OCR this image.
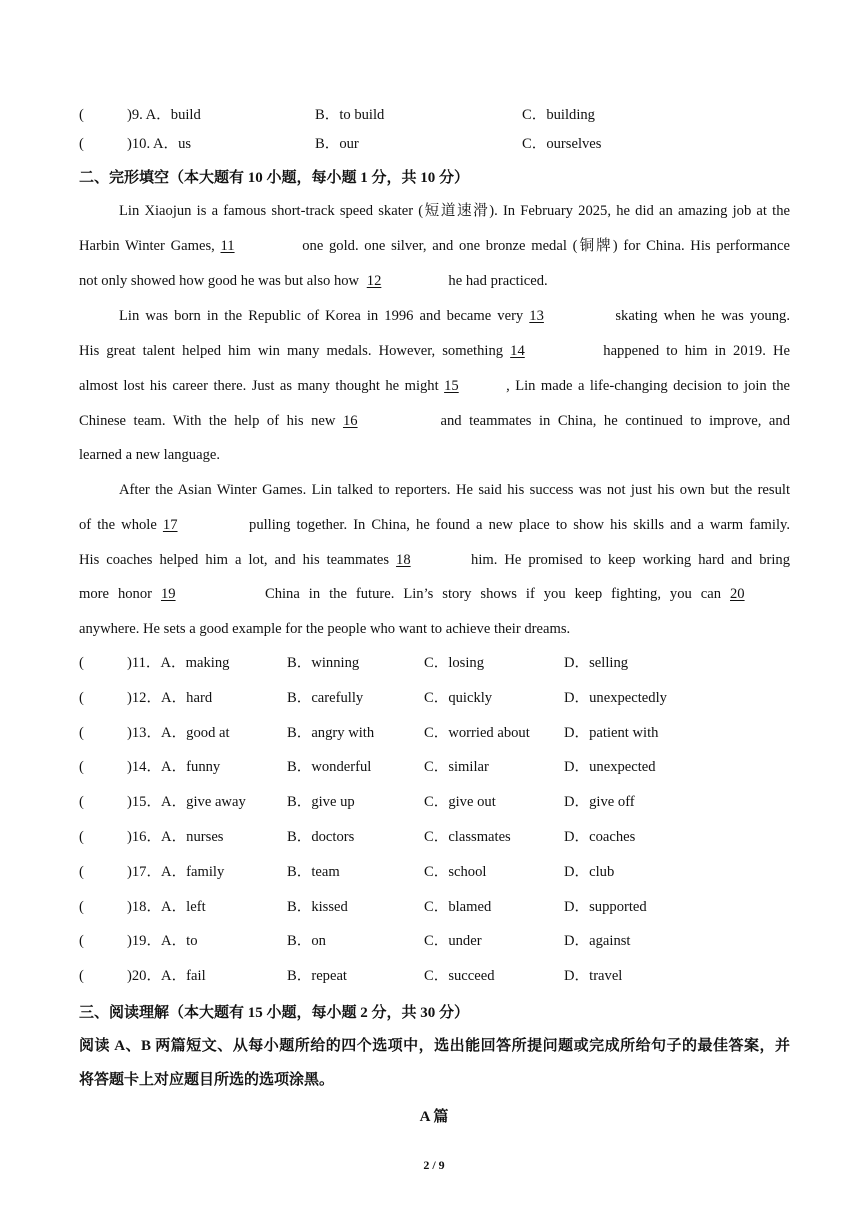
(	)9. A．build	B．to build	C．building
(	)10. A．us	B．our	C．ourselves
二、完形填空（本大题有 10 小题，每小题 1 分，共 10 分）
Lin Xiaojun is a famous short-track speed skater (短道速滑). In February 2025, he did an amazing job at the
Harbin Winter Games, 11	one gold. one silver, and one bronze medal (铜牌) for China. His performance
not only showed how good he was but also how 12	he had practiced.
Lin was born in the Republic of Korea in 1996 and became very 13	skating when he was young.
His great talent helped him win many medals. However, something 14	happened to him in 2019. He
almost lost his career there. Just as many thought he might 15	, Lin made a life-changing decision to join the
Chinese team. With the help of his new 16	and teammates in China, he continued to improve, and
learned a new language.
After the Asian Winter Games. Lin talked to reporters. He said his success was not just his own but the result
of the whole 17	pulling together. In China, he found a new place to show his skills and a warm family.
His coaches helped him a lot, and his teammates 18	him. He promised to keep working hard and bring
more honor 19	China in the future. Lin’s story shows if you keep fighting, you can 20
anywhere. He sets a good example for the people who want to achieve their dreams.
(	)11．A．making	B．winning	C．losing	D．selling
(	)12．A．hard	B．carefully	C．quickly	D．unexpectedly
(	)13．A．good at	B．angry with	C．worried about D．patient with
(	)14．A．funny	B．wonderful	C．similar	D．unexpected
(	)15．A．give away	B．give up	C．give out	D．give off
(	)16．A．nurses	B．doctors	C．classmates	D．coaches
(	)17．A．family	B．team	C．school	D．club
(	)18．A．left	B．kissed	C．blamed	D．supported
(	)19．A．to	B．on	C．under	D．against
(	)20．A．fail	B．repeat	C．succeed	D．travel
三、阅读理解（本大题有 15 小题，每小题 2 分，共 30 分）
阅读 A、B 两篇短文、从每小题所给的四个选项中，选出能回答所提问题或完成所给句子的最佳答案，并
将答题卡上对应题目所选的选项涂黑。
A 篇
2 / 9
